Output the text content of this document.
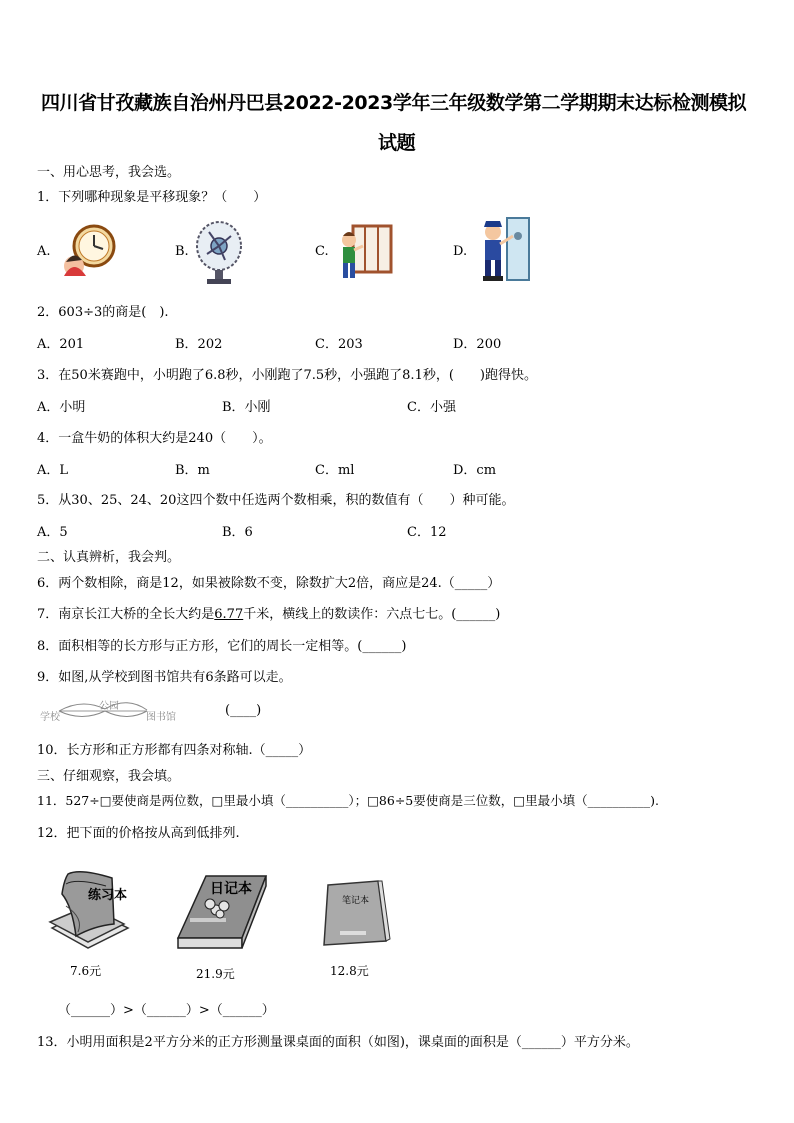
四川省甘孜藏族自治州丹巴县2022-2023学年三年级数学第二学期期末达标检测模拟
试题
一、用心思考，我会选。
1．下列哪种现象是平移现象？（　　）
A.	B.	C.	D.
2．603÷3的商是(　).
A．201	B．202	C．203	D．200
3．在50米赛跑中，小明跑了6.8秒，小刚跑了7.5秒，小强跑了8.1秒，(　　)跑得快。
A．小明	B．小刚	C．小强
4．一盒牛奶的体积大约是240（　　）。
A．L	B．m	C．ml	D．cm
5．从30、25、24、20这四个数中任选两个数相乘，积的数值有（　　）种可能。
A．5	B．6	C．12
二、认真辨析，我会判。
6．两个数相除，商是12，如果被除数不变，除数扩大2倍，商应是24.（_____）
7．南京长江大桥的全长大约是6.77千米，横线上的数读作：六点七七。(______)
8．面积相等的长方形与正方形，它们的周长一定相等。(______)
9．如图,从学校到图书馆共有6条路可以走。
学校
公园
图书馆	(____)
10．长方形和正方形都有四条对称轴.（_____）
三、仔细观察，我会填。
11．527÷□要使商是两位数，□里最小填（__________）；□86÷5要使商是三位数，□里最小填（__________).
12．把下面的价格按从高到低排列.
练习本	日记本
笔记本
7.6元	21.9元	12.8元
（______）>（______）>（______）
13．小明用面积是2平方分米的正方形测量课桌面的面积（如图)，课桌面的面积是（______）平方分米。
